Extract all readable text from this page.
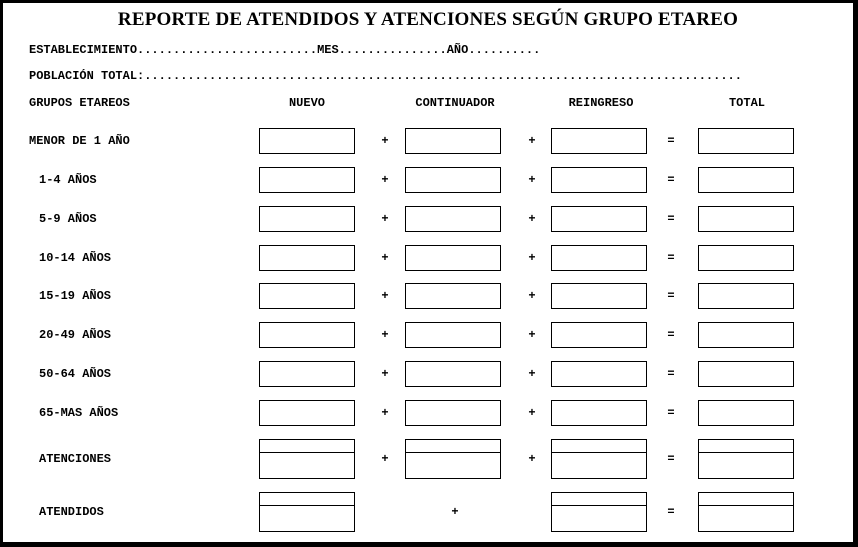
REPORTE DE ATENDIDOS Y ATENCIONES SEGÚN GRUPO ETAREO
ESTABLECIMIENTO.........................MES...............AÑO..........
POBLACIÓN TOTAL:...................................................................................
GRUPOS ETAREOS	NUEVO	CONTINUADOR	REINGRESO	TOTAL
MENOR DE 1 AÑO	+	+	=
1-4 AÑOS	+	+	=
5-9 AÑOS	+	+	=
10-14 AÑOS	+	+	=
15-19 AÑOS	+	+	=
20-49 AÑOS	+	+	=
50-64 AÑOS	+	+	=
65-MAS AÑOS	+	+	=
ATENCIONES	+	+	=
ATENDIDOS	+	=
